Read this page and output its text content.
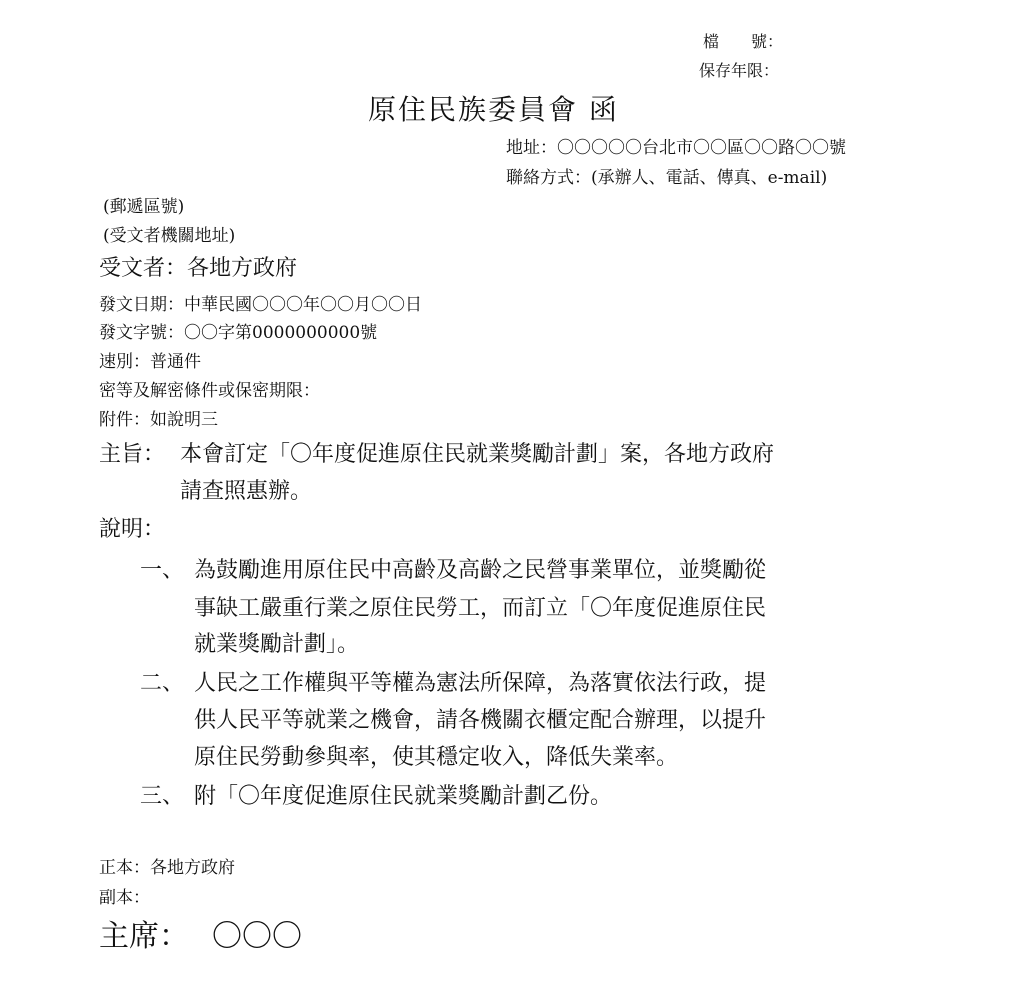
檔　　號：
保存年限：
原住民族委員會 函
地址：〇〇〇〇〇台北市〇〇區〇〇路〇〇號
聯絡方式：(承辦人、電話、傳真、e-mail)
(郵遞區號)
(受文者機關地址)
受文者：各地方政府
發文日期：中華民國〇〇〇年〇〇月〇〇日
發文字號：〇〇字第0000000000號
速別：普通件
密等及解密條件或保密期限：
附件：如說明三
主旨： 本會訂定「〇年度促進原住民就業獎勵計劃」案，各地方政府
請查照惠辦。
說明：
一、 為鼓勵進用原住民中高齡及高齡之民營事業單位，並獎勵從
事缺工嚴重行業之原住民勞工，而訂立「〇年度促進原住民
就業獎勵計劃」。
二、 人民之工作權與平等權為憲法所保障，為落實依法行政，提
供人民平等就業之機會，請各機關衣櫃定配合辦理，以提升
原住民勞動參與率，使其穩定收入，降低失業率。
三、 附「〇年度促進原住民就業獎勵計劃乙份。
正本：各地方政府
副本：
主席： 〇〇〇
